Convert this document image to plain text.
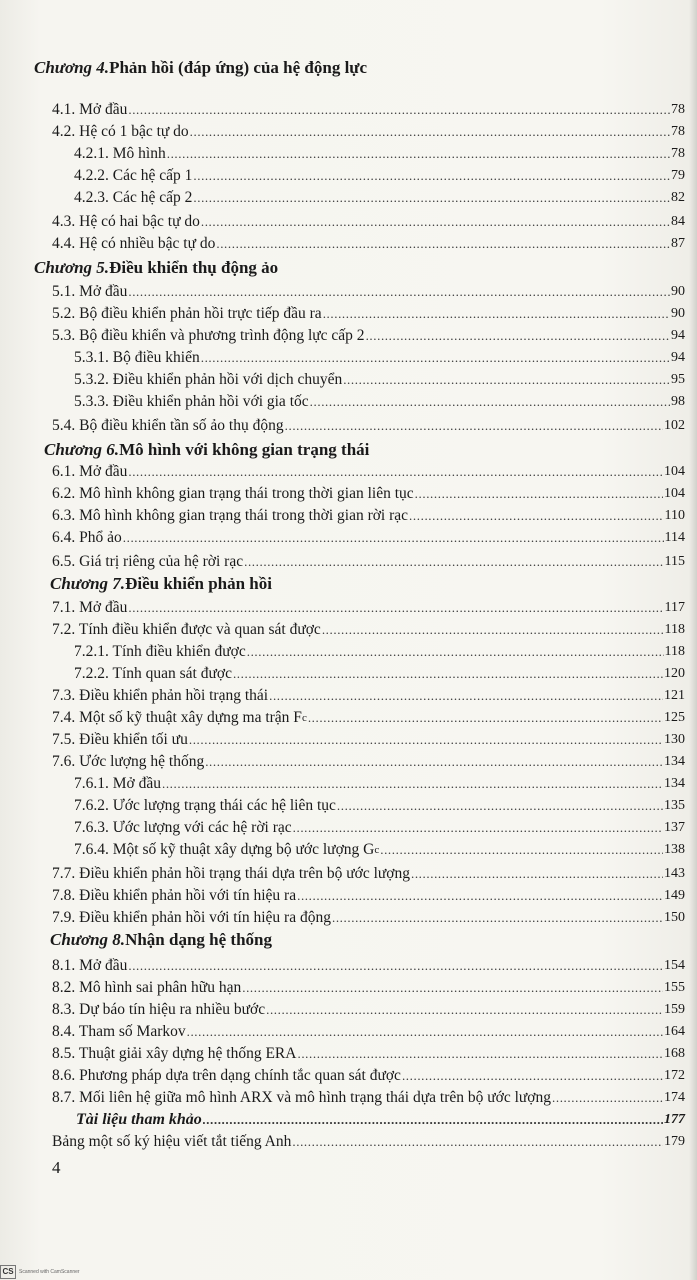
Chương 4. Phản hồi (đáp ứng) của hệ động lực
4.1. Mở đầu .....	78
4.2. Hệ có 1 bậc tự do .....	78
4.2.1. Mô hình .....	78
4.2.2. Các hệ cấp 1 .....	79
4.2.3. Các hệ cấp 2 .....	82
4.3. Hệ có hai bậc tự do .....	84
4.4. Hệ có nhiều bậc tự do .....	87
Chương 5. Điều khiển thụ động ảo
5.1. Mở đầu .....	90
5.2. Bộ điều khiển phản hồi trực tiếp đầu ra .....	90
5.3. Bộ điều khiển và phương trình động lực cấp 2 .....	94
5.3.1. Bộ điều khiển .....	94
5.3.2. Điều khiển phản hồi với dịch chuyển .....	95
5.3.3. Điều khiển phản hồi với gia tốc .....	98
5.4. Bộ điều khiển tần số ảo thụ động .....	102
Chương 6. Mô hình với không gian trạng thái
6.1. Mở đầu .....	104
6.2. Mô hình không gian trạng thái trong thời gian liên tục .....	104
6.3. Mô hình không gian trạng thái trong thời gian rời rạc .....	110
6.4. Phổ ảo .....	114
6.5. Giá trị riêng của hệ rời rạc .....	115
Chương 7. Điều khiển phản hồi
7.1. Mở đầu .....	117
7.2. Tính điều khiển được và quan sát được .....	118
7.2.1. Tính điều khiển được .....	118
7.2.2. Tính quan sát được .....	120
7.3. Điều khiển phản hồi trạng thái .....	121
7.4. Một số kỹ thuật xây dựng ma trận F c .....	125
7.5. Điều khiển tối ưu .....	130
7.6. Ước lượng hệ thống .....	134
7.6.1. Mở đầu .....	134
7.6.2. Ước lượng trạng thái các hệ liên tục .....	135
7.6.3. Ước lượng với các hệ rời rạc .....	137
7.6.4. Một số kỹ thuật xây dựng bộ ước lượng G c .....	138
7.7. Điều khiển phản hồi trạng thái dựa trên bộ ước lượng .....	143
7.8. Điều khiển phản hồi với tín hiệu ra .....	149
7.9. Điều khiển phản hồi với tín hiệu ra động .....	150
Chương 8. Nhận dạng hệ thống
8.1. Mở đầu .....	154
8.2. Mô hình sai phân hữu hạn .....	155
8.3. Dự báo tín hiệu ra nhiều bước .....	159
8.4. Tham số Markov .....	164
8.5. Thuật giải xây dựng hệ thống ERA .....	168
8.6. Phương pháp dựa trên dạng chính tắc quan sát được .....	172
8.7. Mối liên hệ giữa mô hình ARX và mô hình trạng thái dựa trên bộ ước lượng .....	174
Tài liệu tham khảo .....	177
Bảng một số ký hiệu viết tắt tiếng Anh .....	179
4
CS	Scanned with CamScanner
